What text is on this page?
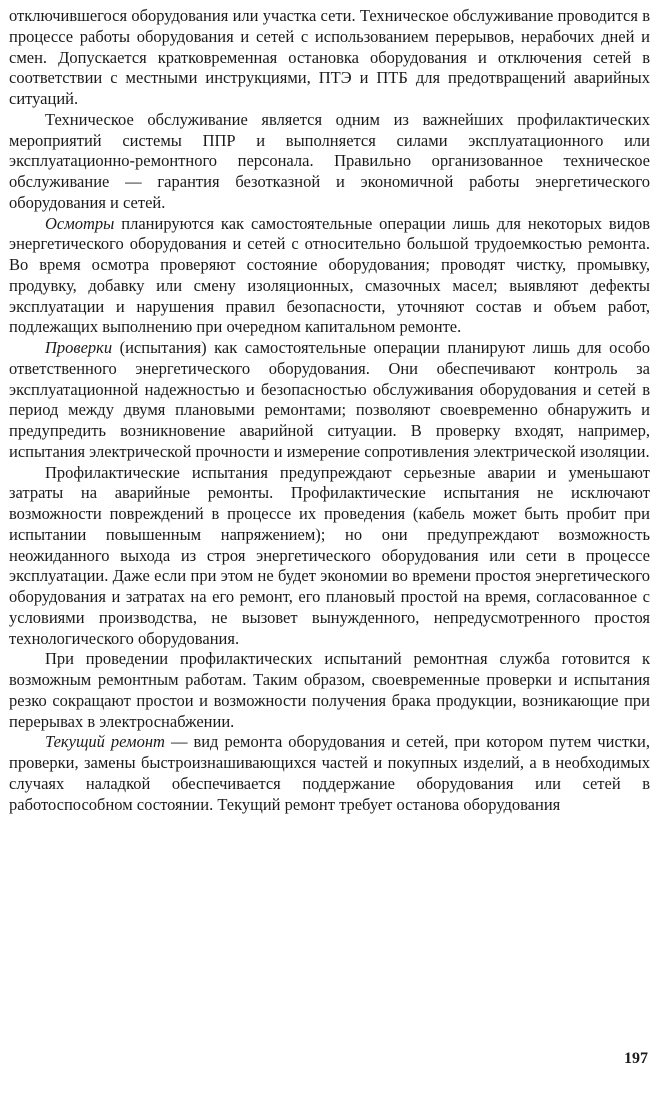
отключившегося оборудования или участка сети. Техническое обслуживание проводится в процессе работы оборудования и сетей с использованием перерывов, нерабочих дней и смен. Допускается кратковременная остановка оборудования и отключения сетей в соответствии с местными инструкциями, ПТЭ и ПТБ для предотвращений аварийных ситуаций.

Техническое обслуживание является одним из важнейших профилактических мероприятий системы ППР и выполняется силами эксплуатационного или эксплуатационно-ремонтного персонала. Правильно организованное техническое обслуживание — гарантия безотказной и экономичной работы энергетического оборудования и сетей.

Осмотры планируются как самостоятельные операции лишь для некоторых видов энергетического оборудования и сетей с относительно большой трудоемкостью ремонта. Во время осмотра проверяют состояние оборудования; проводят чистку, промывку, продувку, добавку или смену изоляционных, смазочных масел; выявляют дефекты эксплуатации и нарушения правил безопасности, уточняют состав и объем работ, подлежащих выполнению при очередном капитальном ремонте.

Проверки (испытания) как самостоятельные операции планируют лишь для особо ответственного энергетического оборудования. Они обеспечивают контроль за эксплуатационной надежностью и безопасностью обслуживания оборудования и сетей в период между двумя плановыми ремонтами; позволяют своевременно обнаружить и предупредить возникновение аварийной ситуации. В проверку входят, например, испытания электрической прочности и измерение сопротивления электрической изоляции.

Профилактические испытания предупреждают серьезные аварии и уменьшают затраты на аварийные ремонты. Профилактические испытания не исключают возможности повреждений в процессе их проведения (кабель может быть пробит при испытании повышенным напряжением); но они предупреждают возможность неожиданного выхода из строя энергетического оборудования или сети в процессе эксплуатации. Даже если при этом не будет экономии во времени простоя энергетического оборудования и затратах на его ремонт, его плановый простой на время, согласованное с условиями производства, не вызовет вынужденного, непредусмотренного простоя технологического оборудования.

При проведении профилактических испытаний ремонтная служба готовится к возможным ремонтным работам. Таким образом, своевременные проверки и испытания резко сокращают простои и возможности получения брака продукции, возникающие при перерывах в электроснабжении.

Текущий ремонт — вид ремонта оборудования и сетей, при котором путем чистки, проверки, замены быстроизнашивающихся частей и покупных изделий, а в необходимых случаях наладкой обеспечивается поддержание оборудования или сетей в работоспособном состоянии. Текущий ремонт требует останова оборудования

197
